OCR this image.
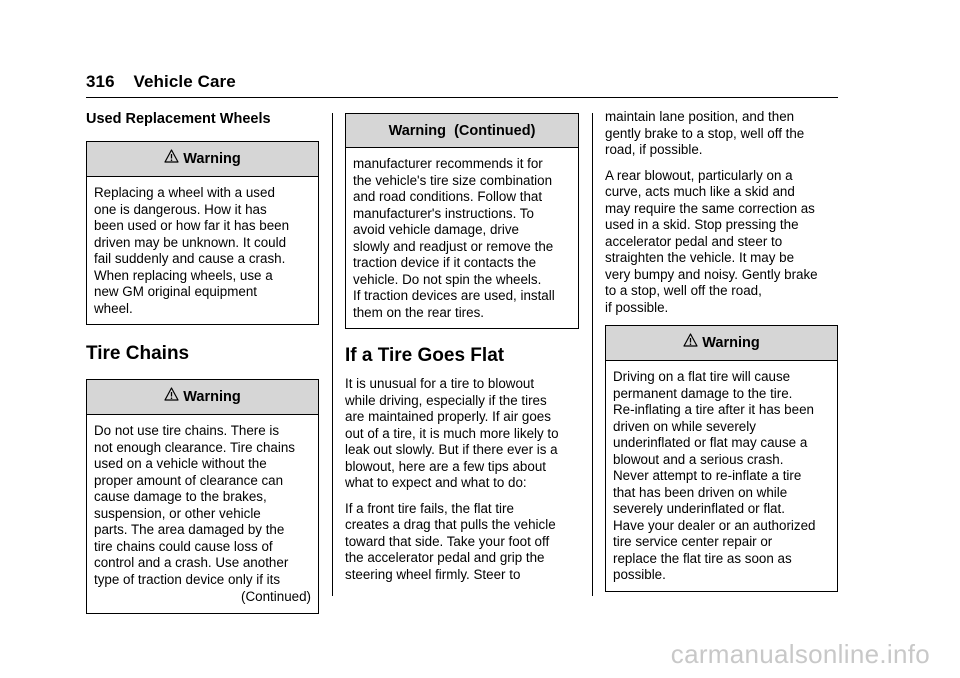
316 Vehicle Care
Used Replacement Wheels
Warning
Replacing a wheel with a used
one is dangerous. How it has
been used or how far it has been
driven may be unknown. It could
fail suddenly and cause a crash.
When replacing wheels, use a
new GM original equipment
wheel.
Tire Chains
Warning
Do not use tire chains. There is
not enough clearance. Tire chains
used on a vehicle without the
proper amount of clearance can
cause damage to the brakes,
suspension, or other vehicle
parts. The area damaged by the
tire chains could cause loss of
control and a crash. Use another
type of traction device only if its
(Continued)
Warning  (Continued)
manufacturer recommends it for
the vehicle's tire size combination
and road conditions. Follow that
manufacturer's instructions. To
avoid vehicle damage, drive
slowly and readjust or remove the
traction device if it contacts the
vehicle. Do not spin the wheels.
If traction devices are used, install
them on the rear tires.
If a Tire Goes Flat
It is unusual for a tire to blowout
while driving, especially if the tires
are maintained properly. If air goes
out of a tire, it is much more likely to
leak out slowly. But if there ever is a
blowout, here are a few tips about
what to expect and what to do:
If a front tire fails, the flat tire
creates a drag that pulls the vehicle
toward that side. Take your foot off
the accelerator pedal and grip the
steering wheel firmly. Steer to
maintain lane position, and then
gently brake to a stop, well off the
road, if possible.
A rear blowout, particularly on a
curve, acts much like a skid and
may require the same correction as
used in a skid. Stop pressing the
accelerator pedal and steer to
straighten the vehicle. It may be
very bumpy and noisy. Gently brake
to a stop, well off the road,
if possible.
Warning
Driving on a flat tire will cause
permanent damage to the tire.
Re-inflating a tire after it has been
driven on while severely
underinflated or flat may cause a
blowout and a serious crash.
Never attempt to re-inflate a tire
that has been driven on while
severely underinflated or flat.
Have your dealer or an authorized
tire service center repair or
replace the flat tire as soon as
possible.
carmanualsonline.info
